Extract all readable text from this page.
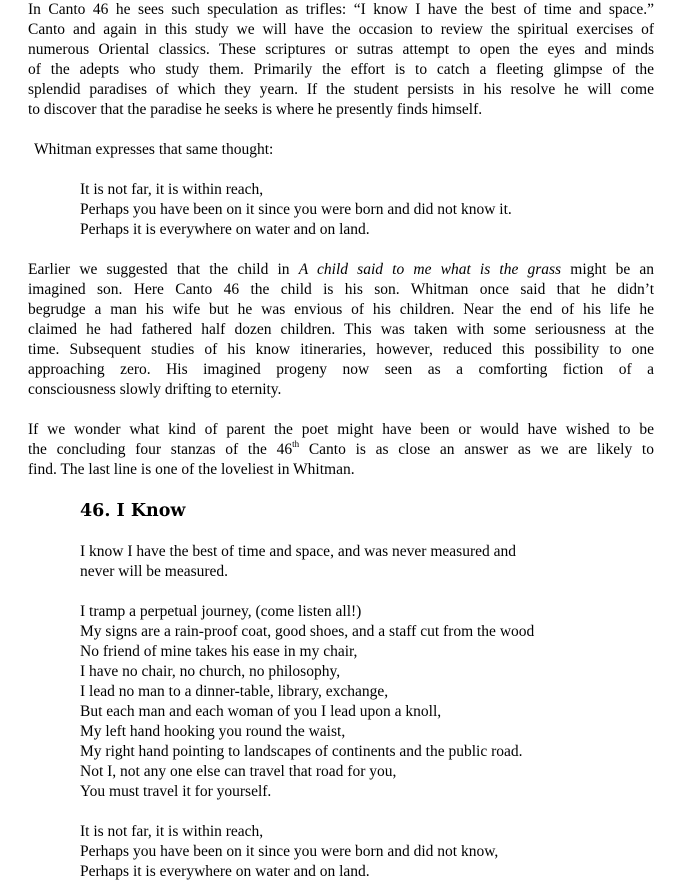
In Canto 46 he sees such speculation as trifles: “I know I have the best of time and space.”
Canto and again in this study we will have the occasion to review the spiritual exercises of
numerous Oriental classics. These scriptures or sutras attempt to open the eyes and minds
of the adepts who study them. Primarily the effort is to catch a fleeting glimpse of the
splendid paradises of which they yearn. If the student persists in his resolve he will come
to discover that the paradise he seeks is where he presently finds himself.

Whitman expresses that same thought:

It is not far, it is within reach,
Perhaps you have been on it since you were born and did not know it.
Perhaps it is everywhere on water and on land.
Earlier we suggested that the child in A child said to me what is the grass might be an
imagined son. Here Canto 46 the child is his son. Whitman once said that he didn’t
begrudge a man his wife but he was envious of his children. Near the end of his life he
claimed he had fathered half dozen children. This was taken with some seriousness at the
time. Subsequent studies of his know itineraries, however, reduced this possibility to one
approaching zero. His imagined progeny now seen as a comforting fiction of a
consciousness slowly drifting to eternity.
If we wonder what kind of parent the poet might have been or would have wished to be
the concluding four stanzas of the 46th Canto is as close an answer as we are likely to
find. The last line is one of the loveliest in Whitman.
46. I Know
I know I have the best of time and space, and was never measured and
never will be measured.
I tramp a perpetual journey, (come listen all!)
My signs are a rain-proof coat, good shoes, and a staff cut from the wood
No friend of mine takes his ease in my chair,
I have no chair, no church, no philosophy,
I lead no man to a dinner-table, library, exchange,
But each man and each woman of you I lead upon a knoll,
My left hand hooking you round the waist,
My right hand pointing to landscapes of continents and the public road.
Not I, not any one else can travel that road for you,
You must travel it for yourself.
It is not far, it is within reach,
Perhaps you have been on it since you were born and did not know,
Perhaps it is everywhere on water and on land.
